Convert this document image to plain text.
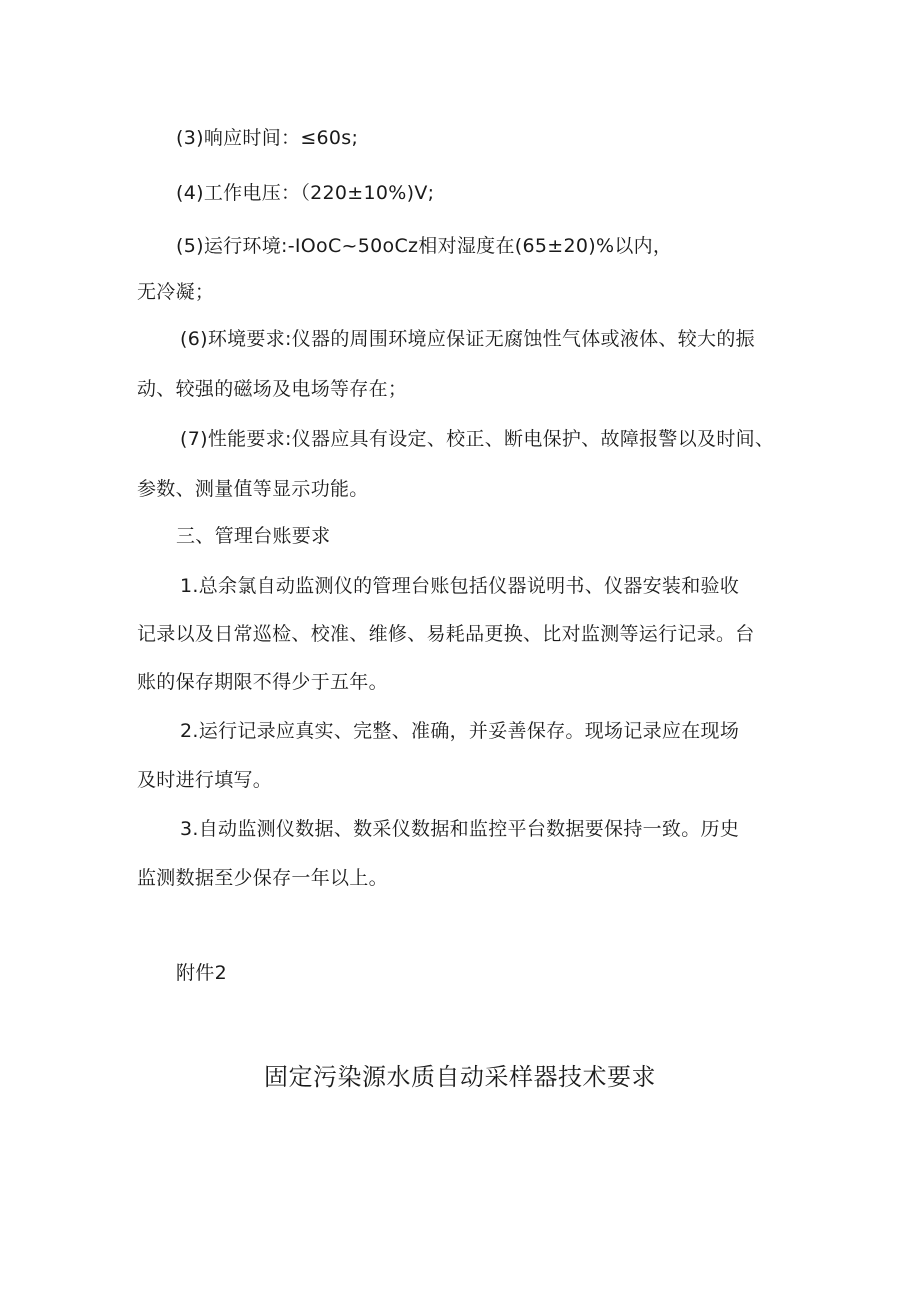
(3)响应时间：≤60s;
(4)工作电压：（220±10%)V;
(5)运行环境:-IOoC~50oCz相对湿度在(65±20)%以内，
无冷凝；
(6)环境要求:仪器的周围环境应保证无腐蚀性气体或液体、较大的振
动、较强的磁场及电场等存在；
(7)性能要求:仪器应具有设定、校正、断电保护、故障报警以及时间、
参数、测量值等显示功能。
三、管理台账要求
1.总余氯自动监测仪的管理台账包括仪器说明书、仪器安装和验收
记录以及日常巡检、校准、维修、易耗品更换、比对监测等运行记录。台
账的保存期限不得少于五年。
2.运行记录应真实、完整、准确，并妥善保存。现场记录应在现场
及时进行填写。
3.自动监测仪数据、数采仪数据和监控平台数据要保持一致。历史
监测数据至少保存一年以上。
附件2
固定污染源水质自动采样器技术要求
